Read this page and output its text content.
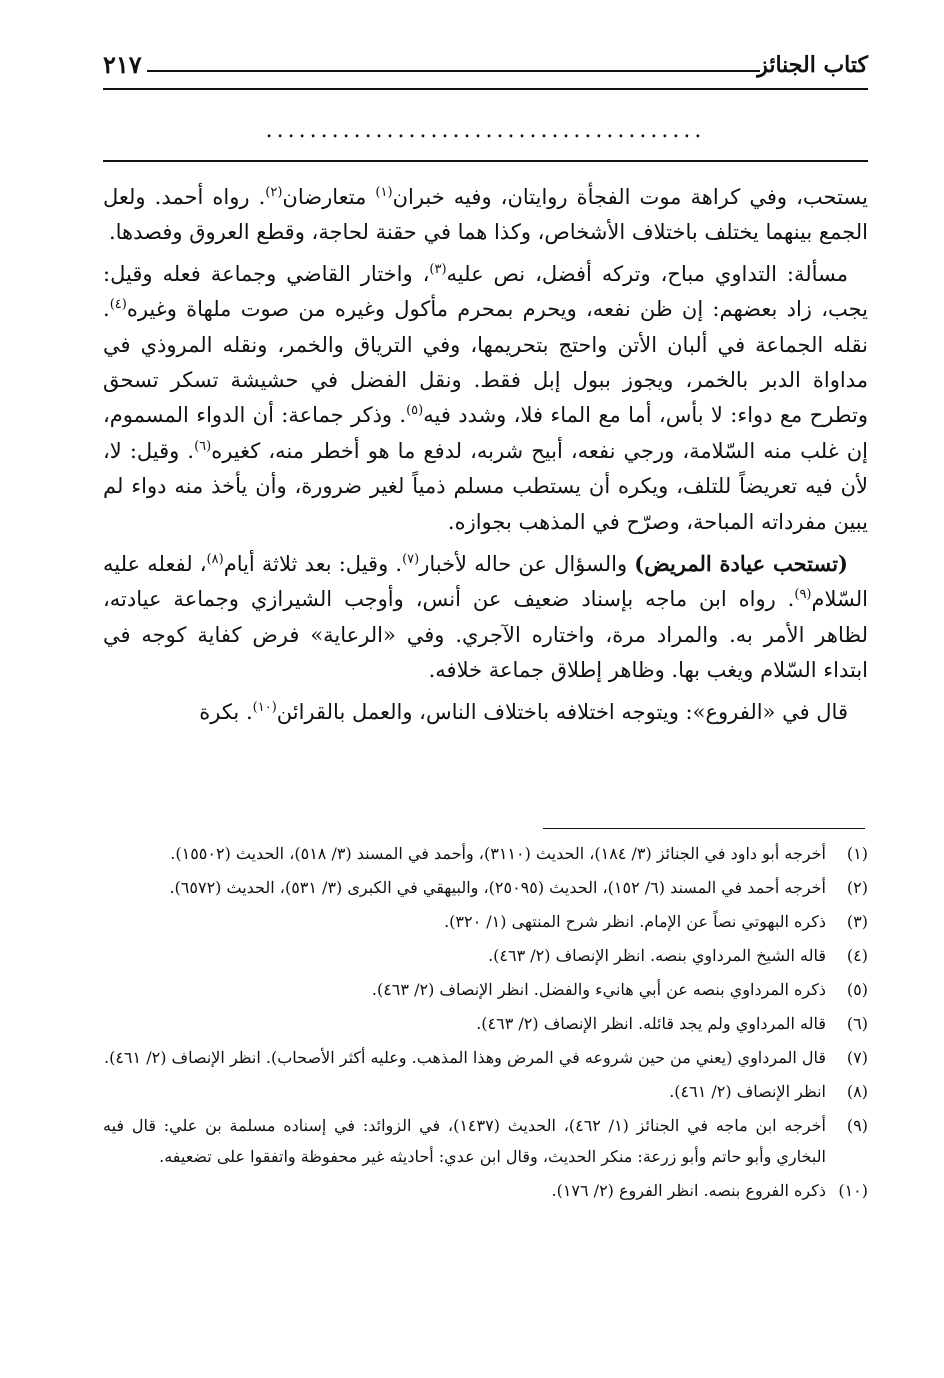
كتاب الجنائز
٢١٧
........................................

يستحب، وفي كراهة موت الفجأة روايتان، وفيه خبران$^{(١)}$ متعارضان$^{(٢)}$. رواه أحمد. ولعل الجمع بينهما يختلف باختلاف الأشخاص، وكذا هما في حقنة لحاجة، وقطع العروق وفصدها.

مسألة: التداوي مباح، وتركه أفضل، نص عليه$^{(٣)}$، واختار القاضي وجماعة فعله وقيل: يجب، زاد بعضهم: إن ظن نفعه، ويحرم بمحرم مأكول وغيره من صوت ملهاة وغيره$^{(٤)}$. نقله الجماعة في ألبان الأتن واحتج بتحريمها، وفي الترياق والخمر، ونقله المروذي في مداواة الدبر بالخمر، ويجوز ببول إبل فقط. ونقل الفضل في حشيشة تسكر تسحق وتطرح مع دواء: لا بأس، أما مع الماء فلا، وشدد فيه$^{(٥)}$. وذكر جماعة: أن الدواء المسموم، إن غلب منه السّلامة، ورجي نفعه، أبيح شربه، لدفع ما هو أخطر منه، كغيره$^{(٦)}$. وقيل: لا، لأن فيه تعريضاً للتلف، ويكره أن يستطب مسلم ذمياً لغير ضرورة، وأن يأخذ منه دواء لم يبين مفرداته المباحة، وصرّح في المذهب بجوازه.

(تستحب عيادة المريض) والسؤال عن حاله لأخبار$^{(٧)}$. وقيل: بعد ثلاثة أيام$^{(٨)}$، لفعله عليه السّلام$^{(٩)}$. رواه ابن ماجه بإسناد ضعيف عن أنس، وأوجب الشيرازي وجماعة عيادته، لظاهر الأمر به. والمراد مرة، واختاره الآجري. وفي «الرعاية» فرض كفاية كوجه في ابتداء السّلام ويغب بها. وظاهر إطلاق جماعة خلافه.

قال في «الفروع»: ويتوجه اختلافه باختلاف الناس، والعمل بالقرائن$^{(١٠)}$. بكرة

(١)
أخرجه أبو داود في الجنائز (٣/ ١٨٤)، الحديث (٣١١٠)، وأحمد في المسند (٣/ ٥١٨)، الحديث (١٥٥٠٢).
(٢)
أخرجه أحمد في المسند (٦/ ١٥٢)، الحديث (٢٥٠٩٥)، والبيهقي في الكبرى (٣/ ٥٣١)، الحديث (٦٥٧٢).
(٣)
ذكره البهوتي نصاً عن الإمام. انظر شرح المنتهى (١/ ٣٢٠).
(٤)
قاله الشيخ المرداوي بنصه. انظر الإنصاف (٢/ ٤٦٣).
(٥)
ذكره المرداوي بنصه عن أبي هانيء والفضل. انظر الإنصاف (٢/ ٤٦٣).
(٦)
قاله المرداوي ولم يجد قائله. انظر الإنصاف (٢/ ٤٦٣).
(٧)
قال المرداوي (يعني من حين شروعه في المرض وهذا المذهب. وعليه أكثر الأصحاب). انظر الإنصاف (٢/ ٤٦١).
(٨)
انظر الإنصاف (٢/ ٤٦١).
(٩)
أخرجه ابن ماجه في الجنائز (١/ ٤٦٢)، الحديث (١٤٣٧)، في الزوائد: في إسناده مسلمة بن علي: قال فيه البخاري وأبو حاتم وأبو زرعة: منكر الحديث، وقال ابن عدي: أحاديثه غير محفوظة واتفقوا على تضعيفه.
(١٠)
ذكره الفروع بنصه. انظر الفروع (٢/ ١٧٦).
